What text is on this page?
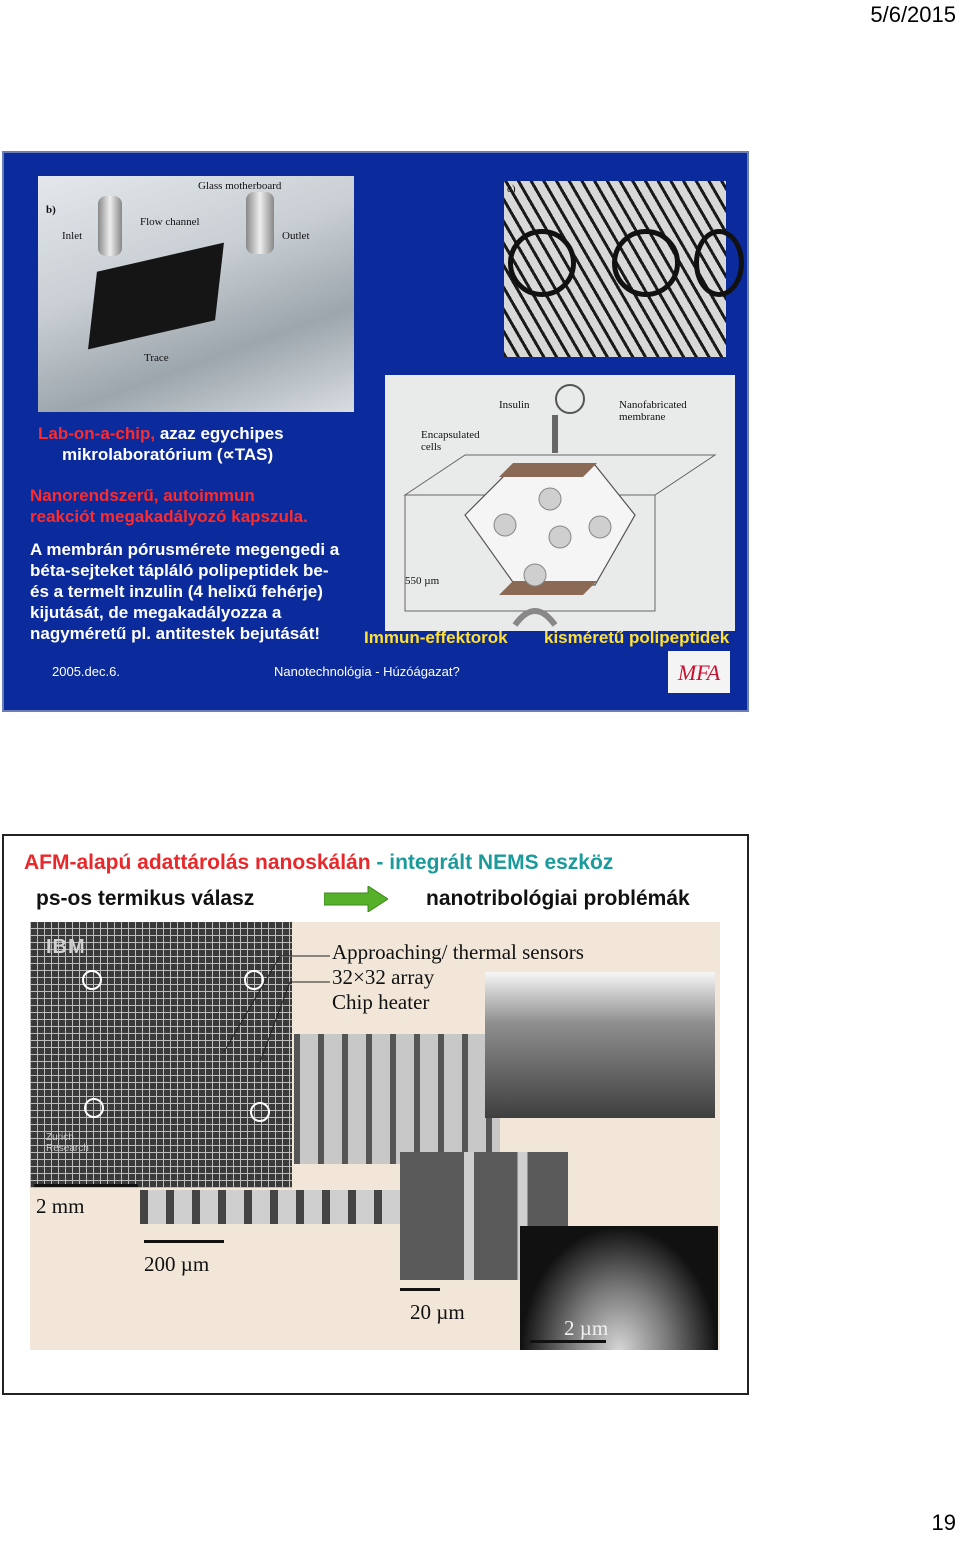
5/6/2015
b)
Glass motherboard
Inlet
Flow channel
Outlet
Trace
c)
Insulin	Nanofabricated membrane
Encapsulated cells
550 µm
Lab-on-a-chip, azaz egychipes
mikrolaboratórium (∝TAS)
Nanorendszerű, autoimmun
reakciót megakadályozó kapszula.
A membrán pórusmérete megengedi a
béta-sejteket tápláló polipeptidek be-
és a termelt inzulin (4 helixű fehérje)
kijutását, de megakadályozza a
nagyméretű pl. antitestek bejutását!	Immun-effektorok kisméretű polipeptidek
2005.dec.6.	Nanotechnológia - Húzóágazat?	MFA
AFM-alapú adattárolás nanoskálán - integrált NEMS eszköz
ps-os termikus válasz	nanotribológiai problémák
IBM
Zurich
Research
Approaching/ thermal sensors
32×32 array
Chip heater
2 mm
200 µm
20 µm
2 µm
19
